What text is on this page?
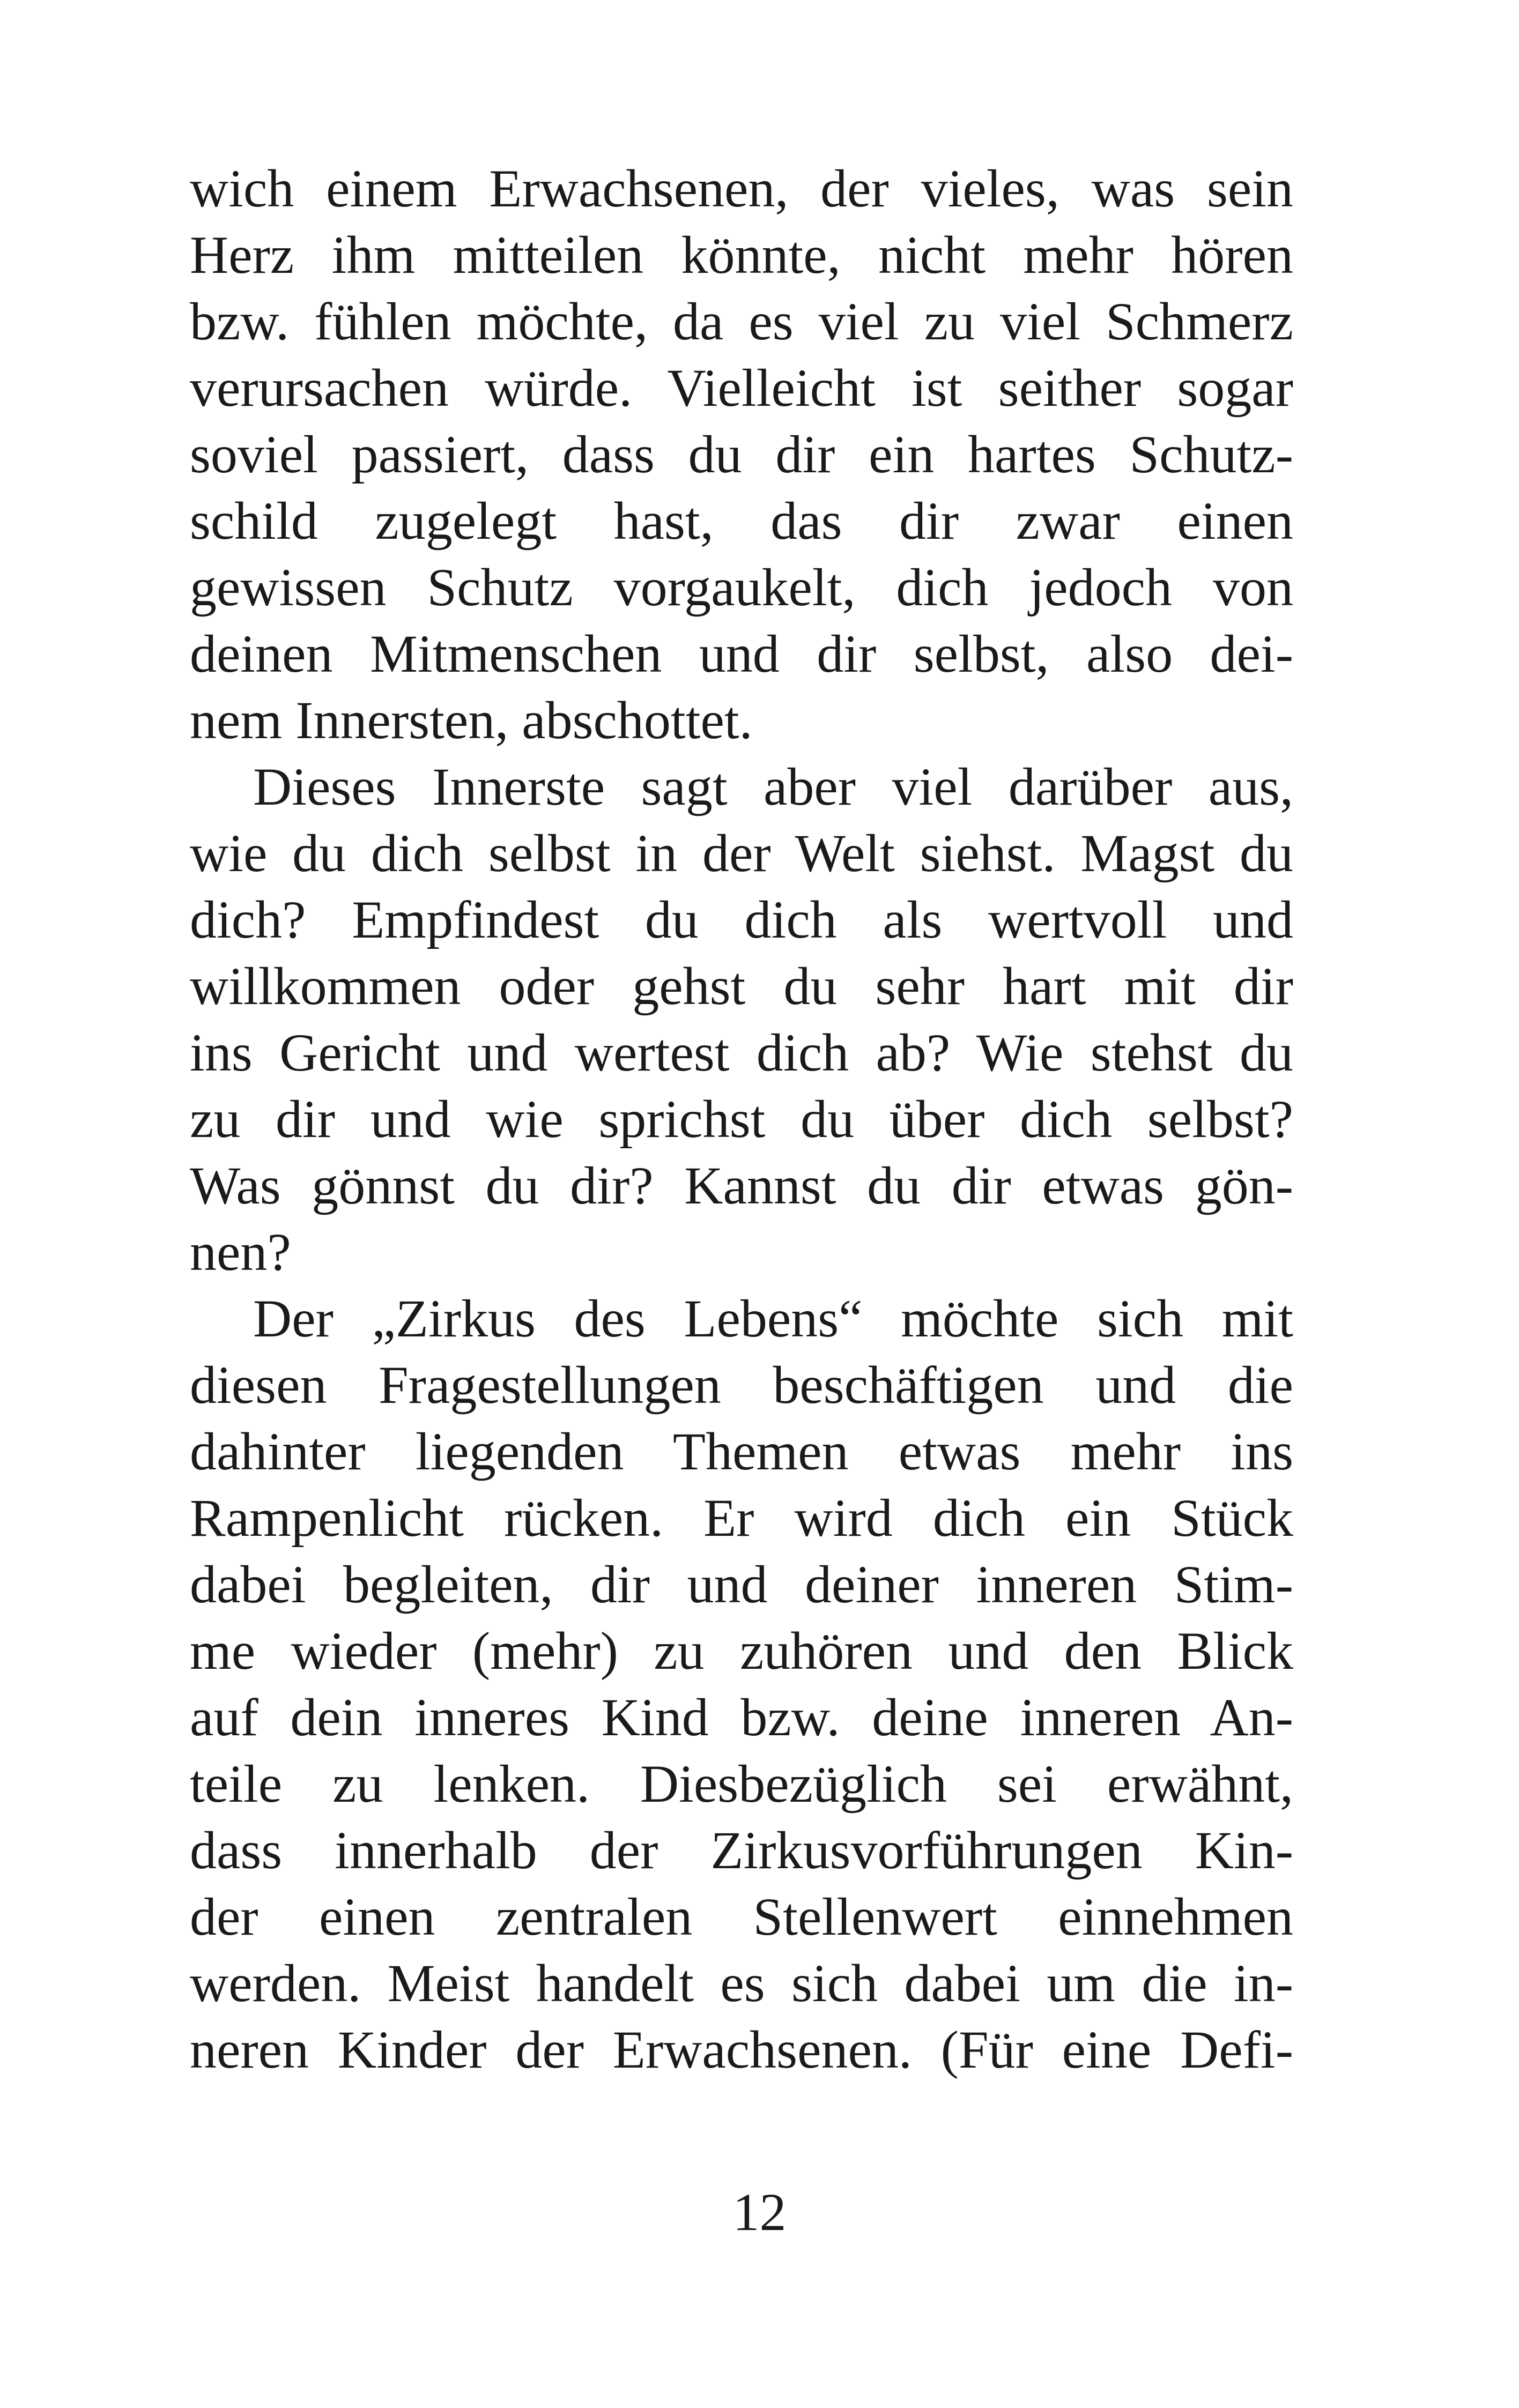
wich einem Erwachsenen, der vieles, was sein
Herz ihm mitteilen könnte, nicht mehr hören
bzw. fühlen möchte, da es viel zu viel Schmerz
verursachen würde. Vielleicht ist seither sogar
soviel passiert, dass du dir ein hartes Schutz-
schild zugelegt hast, das dir zwar einen
gewissen Schutz vorgaukelt, dich jedoch von
deinen Mitmenschen und dir selbst, also dei-
nem Innersten, abschottet.
Dieses Innerste sagt aber viel darüber aus,
wie du dich selbst in der Welt siehst. Magst du
dich? Empfindest du dich als wertvoll und
willkommen oder gehst du sehr hart mit dir
ins Gericht und wertest dich ab? Wie stehst du
zu dir und wie sprichst du über dich selbst?
Was gönnst du dir? Kannst du dir etwas gön-
nen?
Der „Zirkus des Lebens“ möchte sich mit
diesen Fragestellungen beschäftigen und die
dahinter liegenden Themen etwas mehr ins
Rampenlicht rücken. Er wird dich ein Stück
dabei begleiten, dir und deiner inneren Stim-
me wieder (mehr) zu zuhören und den Blick
auf dein inneres Kind bzw. deine inneren An-
teile zu lenken. Diesbezüglich sei erwähnt,
dass innerhalb der Zirkusvorführungen Kin-
der einen zentralen Stellenwert einnehmen
werden. Meist handelt es sich dabei um die in-
neren Kinder der Erwachsenen. (Für eine Defi-
12
